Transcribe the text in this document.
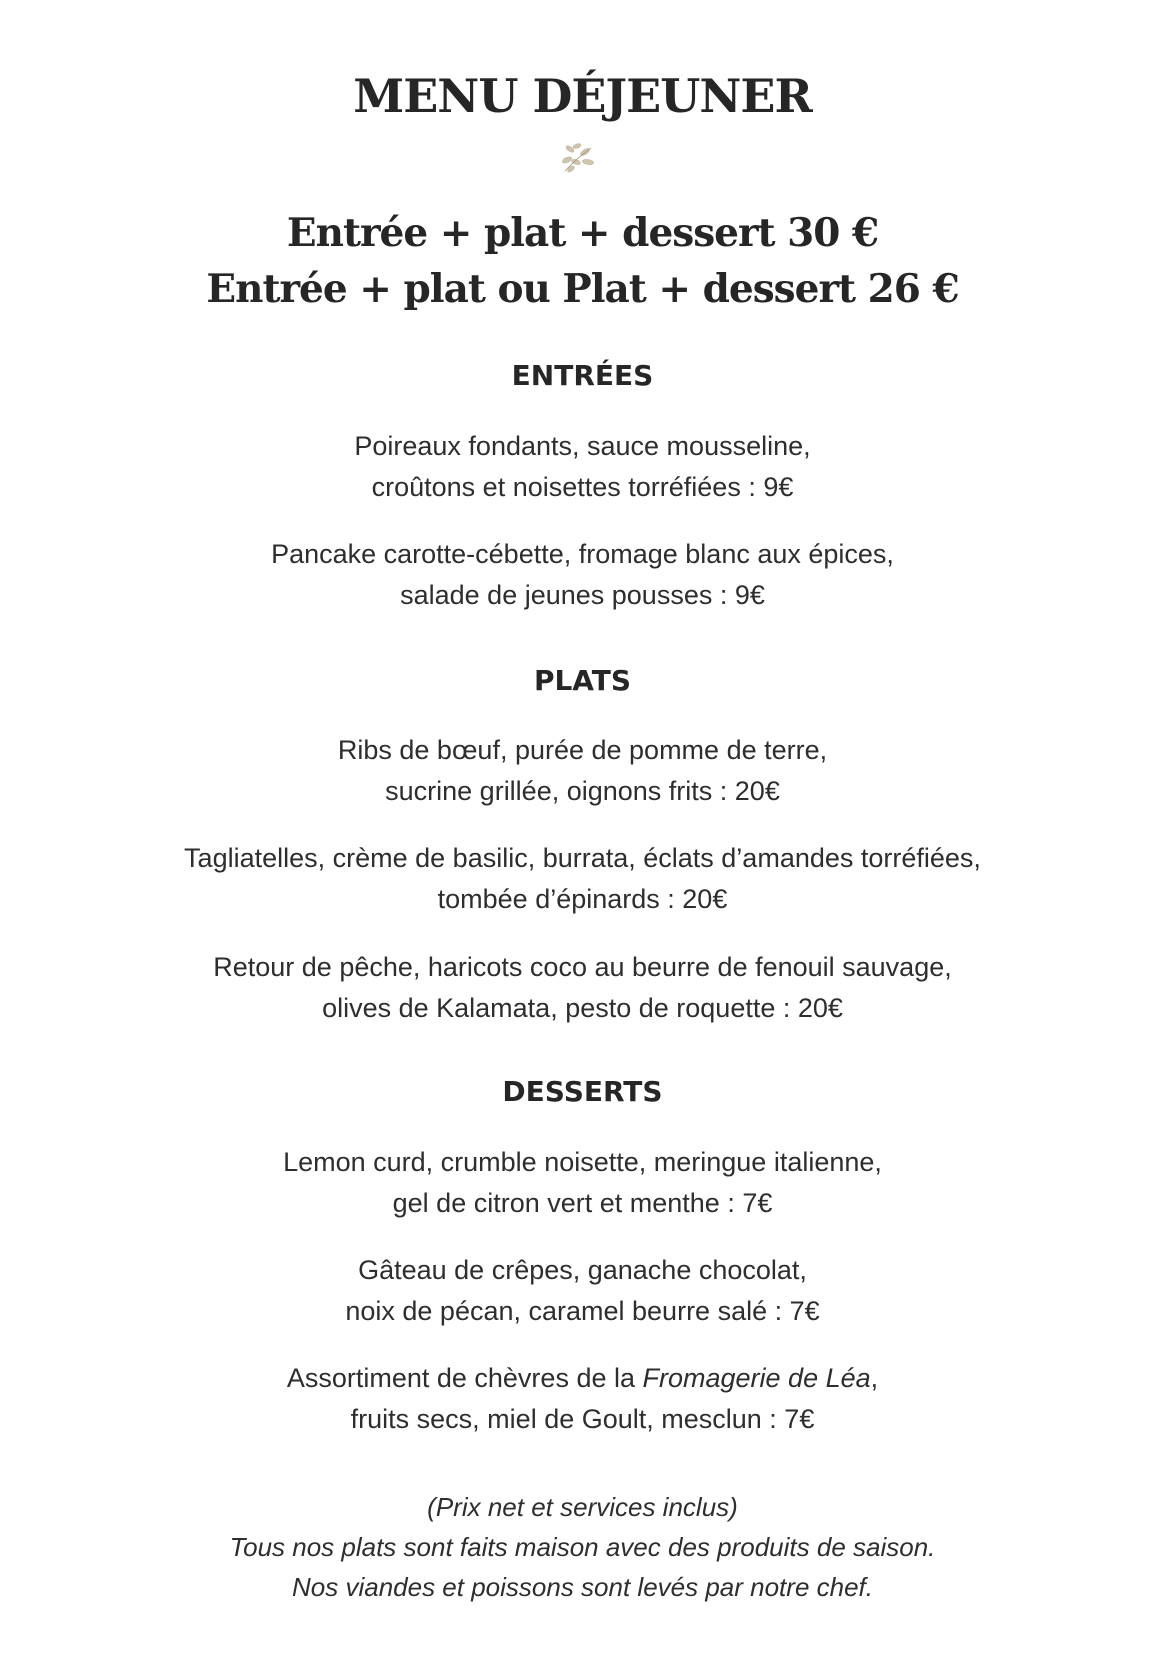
MENU DÉJEUNER
Entrée + plat + dessert 30 €
Entrée + plat ou Plat + dessert 26 €
ENTRÉES

Poireaux fondants, sauce mousseline,
croûtons et noisettes torréfiées : 9€

Pancake carotte-cébette, fromage blanc aux épices,
salade de jeunes pousses : 9€

PLATS

Ribs de bœuf, purée de pomme de terre,
sucrine grillée, oignons frits : 20€

Tagliatelles, crème de basilic, burrata, éclats d’amandes torréfiées,
tombée d’épinards : 20€

Retour de pêche, haricots coco au beurre de fenouil sauvage,
olives de Kalamata, pesto de roquette : 20€

DESSERTS

Lemon curd, crumble noisette, meringue italienne,
gel de citron vert et menthe : 7€

Gâteau de crêpes, ganache chocolat,
noix de pécan, caramel beurre salé : 7€

Assortiment de chèvres de la Fromagerie de Léa,
fruits secs, miel de Goult, mesclun : 7€

(Prix net et services inclus)
Tous nos plats sont faits maison avec des produits de saison.
Nos viandes et poissons sont levés par notre chef.
